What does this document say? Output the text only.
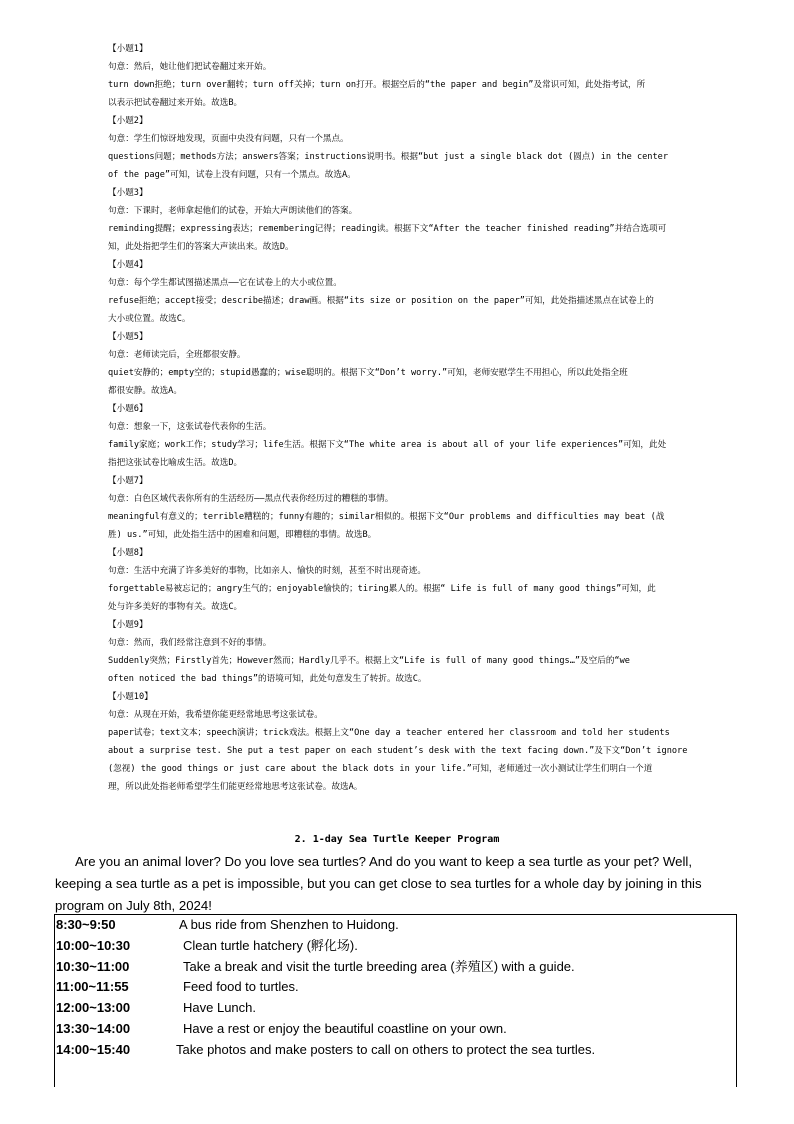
【小题1】
句意：然后，她让他们把试卷翻过来开始。
turn down拒绝；turn over翻转；turn off关掉；turn on打开。根据空后的“the paper and begin”及常识可知，此处指考试，所
以表示把试卷翻过来开始。故选B。
【小题2】
句意：学生们惊讶地发现，页面中央没有问题，只有一个黑点。
questions问题；methods方法；answers答案；instructions说明书。根据“but just a single black dot (圆点) in the center
of the page”可知，试卷上没有问题，只有一个黑点。故选A。
【小题3】
句意：下课时，老师拿起他们的试卷，开始大声朗读他们的答案。
reminding提醒；expressing表达；remembering记得；reading读。根据下文“After the teacher finished reading”并结合选项可
知，此处指把学生们的答案大声读出来。故选D。
【小题4】
句意：每个学生都试图描述黑点——它在试卷上的大小或位置。
refuse拒绝；accept接受；describe描述；draw画。根据“its size or position on the paper”可知，此处指描述黑点在试卷上的
大小或位置。故选C。
【小题5】
句意：老师读完后，全班都很安静。
quiet安静的；empty空的；stupid愚蠢的；wise聪明的。根据下文“Don’t worry.”可知，老师安慰学生不用担心，所以此处指全班
都很安静。故选A。
【小题6】
句意：想象一下，这张试卷代表你的生活。
family家庭；work工作；study学习；life生活。根据下文“The white area is about all of your life experiences”可知，此处
指把这张试卷比喻成生活。故选D。
【小题7】
句意：白色区域代表你所有的生活经历——黑点代表你经历过的糟糕的事情。
meaningful有意义的；terrible糟糕的；funny有趣的；similar相似的。根据下文“Our problems and difficulties may beat (战
胜) us.”可知，此处指生活中的困难和问题，即糟糕的事情。故选B。
【小题8】
句意：生活中充满了许多美好的事物，比如亲人、愉快的时刻，甚至不时出现奇迹。
forgettable易被忘记的；angry生气的；enjoyable愉快的；tiring累人的。根据“ Life is full of many good things”可知，此
处与许多美好的事物有关。故选C。
【小题9】
句意：然而，我们经常注意到不好的事情。
Suddenly突然；Firstly首先；However然而；Hardly几乎不。根据上文“Life is full of many good things…”及空后的“we
often noticed the bad things”的语境可知，此处句意发生了转折。故选C。
【小题10】
句意：从现在开始，我希望你能更经常地思考这张试卷。
paper试卷；text文本；speech演讲；trick戏法。根据上文“One day a teacher entered her classroom and told her students
about a surprise test. She put a test paper on each student’s desk with the text facing down.”及下文“Don’t ignore
(忽视) the good things or just care about the black dots in your life.”可知，老师通过一次小测试让学生们明白一个道
理，所以此处指老师希望学生们能更经常地思考这张试卷。故选A。
2. 1-day Sea Turtle Keeper Program
Are you an animal lover? Do you love sea turtles? And do you want to keep a sea turtle as your pet? Well, keeping a sea turtle as a pet is impossible, but you can get close to sea turtles for a whole day by joining in this program on July 8th, 2024!
8:30~9:50	A bus ride from Shenzhen to Huidong.
10:00~10:30	Clean turtle hatchery (孵化场).
10:30~11:00	Take a break and visit the turtle breeding area (养殖区) with a guide.
11:00~11:55	Feed food to turtles.
12:00~13:00	Have Lunch.
13:30~14:00	Have a rest or enjoy the beautiful coastline on your own.
14:00~15:40	Take photos and make posters to call on others to protect the sea turtles.
